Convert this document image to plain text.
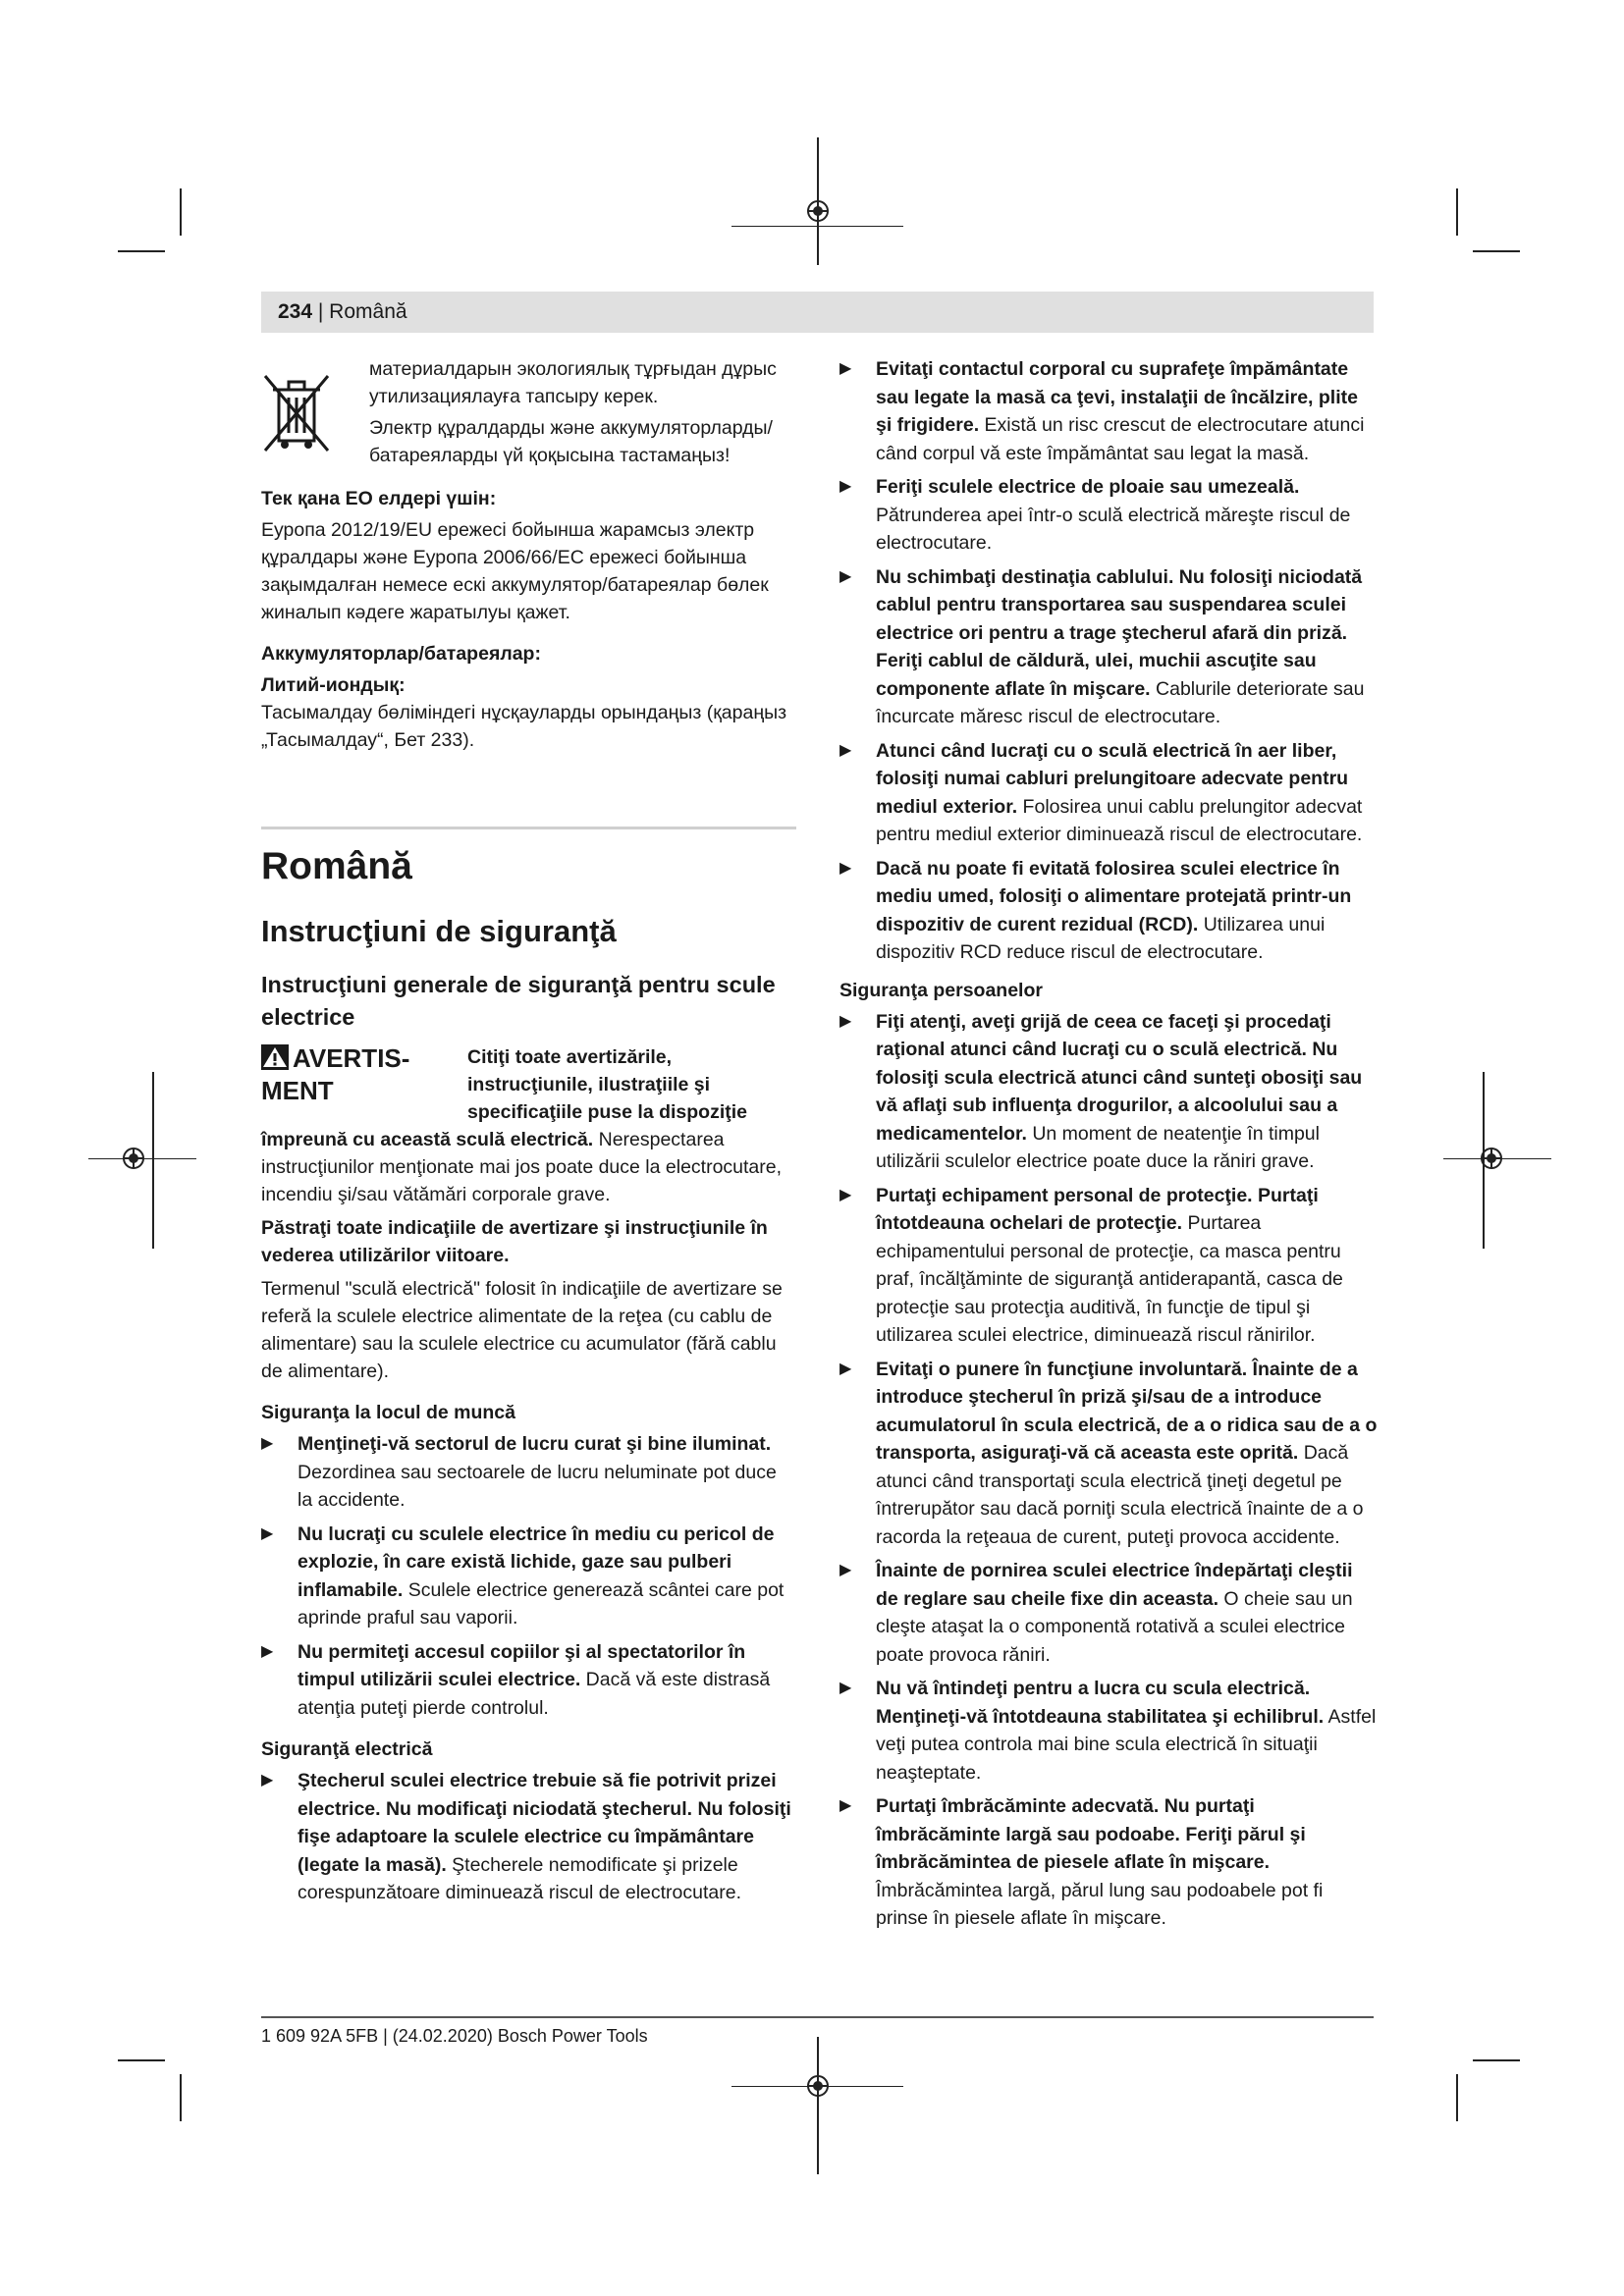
234 | Română

материалдарын экологиялық тұрғыдан дұрыс утилизациялауға тапсыру керек.

Электр құралдарды және аккумуляторларды/батареяларды үй қоқысына тастамаңыз!

Тек қана ЕО елдері үшін:

Еуропа 2012/19/EU ережесі бойынша жарамсыз электр құралдары және Еуропа 2006/66/EC ережесі бойынша зақымдалған немесе ескі аккумулятор/батареялар бөлек жиналып кәдеге жаратылуы қажет.

Аккумуляторлар/батареялар:

Литий-иондық:

Тасымалдау бөліміндегі нұсқауларды орындаңыз (қараңыз „Тасымалдау“, Бет 233).

Română
Instrucţiuni de siguranţă
Instrucţiuni generale de siguranţă pentru scule electrice
AVERTIS-MENT
Citiţi toate avertizările, instrucţiunile, ilustraţiile şi specificaţiile puse la dispoziţie

împreună cu această sculă electrică. Nerespectarea instrucţiunilor menţionate mai jos poate duce la electrocutare, incendiu şi/sau vătămări corporale grave.

Păstraţi toate indicaţiile de avertizare şi instrucţiunile în vederea utilizărilor viitoare.

Termenul "sculă electrică" folosit în indicaţiile de avertizare se referă la sculele electrice alimentate de la reţea (cu cablu de alimentare) sau la sculele electrice cu acumulator (fără cablu de alimentare).

Siguranţa la locul de muncă

▶ Menţineţi-vă sectorul de lucru curat şi bine iluminat. Dezordinea sau sectoarele de lucru neluminate pot duce la accidente.
▶ Nu lucraţi cu sculele electrice în mediu cu pericol de explozie, în care există lichide, gaze sau pulberi inflamabile. Sculele electrice generează scântei care pot aprinde praful sau vaporii.
▶ Nu permiteţi accesul copiilor şi al spectatorilor în timpul utilizării sculei electrice. Dacă vă este distrasă atenţia puteţi pierde controlul.

Siguranţă electrică

▶ Ştecherul sculei electrice trebuie să fie potrivit prizei electrice. Nu modificaţi niciodată ştecherul. Nu folosiţi fişe adaptoare la sculele electrice cu împământare (legate la masă). Ştecherele nemodificate şi prizele corespunzătoare diminuează riscul de electrocutare.
▶ Evitaţi contactul corporal cu suprafeţe împământate sau legate la masă ca ţevi, instalaţii de încălzire, plite şi frigidere. Există un risc crescut de electrocutare atunci când corpul vă este împământat sau legat la masă.
▶ Feriţi sculele electrice de ploaie sau umezeală. Pătrunderea apei într-o sculă electrică măreşte riscul de electrocutare.
▶ Nu schimbaţi destinaţia cablului. Nu folosiţi niciodată cablul pentru transportarea sau suspendarea sculei electrice ori pentru a trage ştecherul afară din priză. Feriţi cablul de căldură, ulei, muchii ascuţite sau componente aflate în mişcare. Cablurile deteriorate sau încurcate măresc riscul de electrocutare.
▶ Atunci când lucraţi cu o sculă electrică în aer liber, folosiţi numai cabluri prelungitoare adecvate pentru mediul exterior. Folosirea unui cablu prelungitor adecvat pentru mediul exterior diminuează riscul de electrocutare.
▶ Dacă nu poate fi evitată folosirea sculei electrice în mediu umed, folosiţi o alimentare protejată printr-un dispozitiv de curent rezidual (RCD). Utilizarea unui dispozitiv RCD reduce riscul de electrocutare.

Siguranţa persoanelor

▶ Fiţi atenţi, aveţi grijă de ceea ce faceţi şi procedaţi raţional atunci când lucraţi cu o sculă electrică. Nu folosiţi scula electrică atunci când sunteţi obosiţi sau vă aflaţi sub influenţa drogurilor, a alcoolului sau a medicamentelor. Un moment de neatenţie în timpul utilizării sculelor electrice poate duce la răniri grave.
▶ Purtaţi echipament personal de protecţie. Purtaţi întotdeauna ochelari de protecţie. Purtarea echipamentului personal de protecţie, ca masca pentru praf, încălţăminte de siguranţă antiderapantă, casca de protecţie sau protecţia auditivă, în funcţie de tipul şi utilizarea sculei electrice, diminuează riscul rănirilor.
▶ Evitaţi o punere în funcţiune involuntară. Înainte de a introduce ştecherul în priză şi/sau de a introduce acumulatorul în scula electrică, de a o ridica sau de a o transporta, asiguraţi-vă că aceasta este oprită. Dacă atunci când transportaţi scula electrică ţineţi degetul pe întrerupător sau dacă porniţi scula electrică înainte de a o racorda la reţeaua de curent, puteţi provoca accidente.
▶ Înainte de pornirea sculei electrice îndepărtaţi cleştii de reglare sau cheile fixe din aceasta. O cheie sau un cleşte ataşat la o componentă rotativă a sculei electrice poate provoca răniri.
▶ Nu vă întindeţi pentru a lucra cu scula electrică. Menţineţi-vă întotdeauna stabilitatea şi echilibrul. Astfel veţi putea controla mai bine scula electrică în situaţii neaşteptate.
▶ Purtaţi îmbrăcăminte adecvată. Nu purtaţi îmbrăcăminte largă sau podoabe. Feriţi părul şi îmbrăcămintea de piesele aflate în mişcare. Îmbrăcămintea largă, părul lung sau podoabele pot fi prinse în piesele aflate în mişcare.
1 609 92A 5FB | (24.02.2020) Bosch Power Tools
